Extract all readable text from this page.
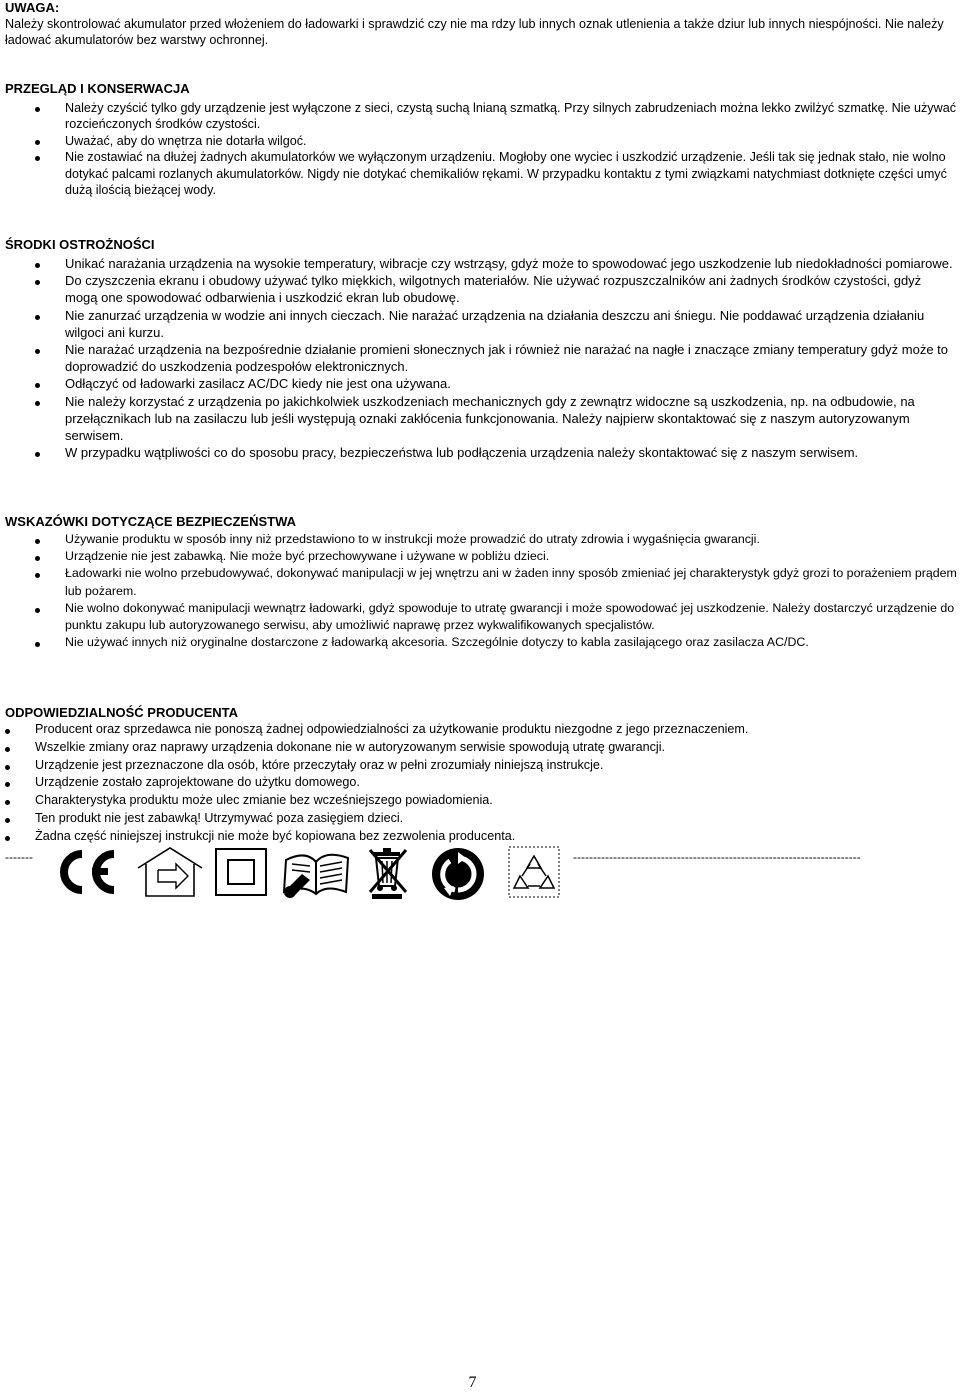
UWAGA:

Należy skontrolować akumulator przed włożeniem do ładowarki i sprawdzić czy nie ma rdzy lub innych oznak utlenienia a także dziur lub innych niespójności. Nie należy ładować akumulatorów bez warstwy ochronnej.

PRZEGLĄD I KONSERWACJA

Należy czyścić tylko gdy urządzenie jest wyłączone z sieci, czystą suchą lnianą szmatką. Przy silnych zabrudzeniach można lekko zwilżyć szmatkę. Nie używać rozcieńczonych środków czystości.
Uważać, aby do wnętrza nie dotarła wilgoć.
Nie zostawiać na dłużej żadnych akumulatorków we wyłączonym urządzeniu. Mogłoby one wyciec i uszkodzić urządzenie. Jeśli tak się jednak stało, nie wolno dotykać palcami rozlanych akumulatorków. Nigdy nie dotykać chemikaliów rękami. W przypadku kontaktu z tymi związkami natychmiast dotknięte części umyć dużą ilością bieżącej wody.

ŚRODKI OSTROŻNOŚCI

Unikać narażania urządzenia na wysokie temperatury, wibracje czy wstrząsy, gdyż może to spowodować jego uszkodzenie lub niedokładności pomiarowe.
Do czyszczenia ekranu i obudowy używać tylko miękkich, wilgotnych materiałów. Nie używać rozpuszczalników ani żadnych środków czystości, gdyż mogą one spowodować odbarwienia i uszkodzić ekran lub obudowę.
Nie zanurzać urządzenia w wodzie ani innych cieczach. Nie narażać urządzenia na działania deszczu ani śniegu. Nie poddawać urządzenia działaniu wilgoci ani kurzu.
Nie narażać urządzenia na bezpośrednie działanie promieni słonecznych jak i również nie narażać na nagłe i znaczące zmiany temperatury gdyż może to doprowadzić do uszkodzenia podzespołów elektronicznych.
Odłączyć od ładowarki zasilacz AC/DC kiedy nie jest ona używana.
Nie należy korzystać z urządzenia po jakichkolwiek uszkodzeniach mechanicznych gdy z zewnątrz widoczne są uszkodzenia, np. na odbudowie, na przełącznikach lub na zasilaczu lub jeśli występują oznaki zakłócenia funkcjonowania. Należy najpierw skontaktować się z naszym autoryzowanym serwisem.
W przypadku wątpliwości co do sposobu pracy, bezpieczeństwa lub podłączenia urządzenia należy skontaktować się z naszym serwisem.

WSKAZÓWKI DOTYCZĄCE BEZPIECZEŃSTWA

Używanie produktu w sposób inny niż przedstawiono to w instrukcji może prowadzić do utraty zdrowia i wygaśnięcia gwarancji.
Urządzenie nie jest zabawką. Nie może być przechowywane i używane w pobliżu dzieci.
Ładowarki nie wolno przebudowywać, dokonywać manipulacji w jej wnętrzu ani w żaden inny sposób zmieniać jej charakterystyk gdyż grozi to porażeniem prądem lub pożarem.
Nie wolno dokonywać manipulacji wewnątrz ładowarki, gdyż spowoduje to utratę gwarancji i może spowodować jej uszkodzenie. Należy dostarczyć urządzenie do punktu zakupu lub autoryzowanego serwisu, aby umożliwić naprawę przez wykwalifikowanych specjalistów.
Nie używać innych niż oryginalne dostarczone z ładowarką akcesoria. Szczególnie dotyczy to kabla zasilającego oraz zasilacza AC/DC.

ODPOWIEDZIALNOŚĆ PRODUCENTA

Producent oraz sprzedawca nie ponoszą żadnej odpowiedzialności za użytkowanie produktu niezgodne z jego przeznaczeniem.
Wszelkie zmiany oraz naprawy urządzenia dokonane nie w autoryzowanym serwisie spowodują utratę gwarancji.
Urządzenie jest przeznaczone dla osób, które przeczytały oraz w pełni zrozumiały niniejszą instrukcje.
Urządzenie zostało zaprojektowane do użytku domowego.
Charakterystyka produktu może ulec zmianie bez wcześniejszego powiadomienia.
Ten produkt nie jest zabawką! Utrzymywać poza zasięgiem dzieci.
Żadna część niniejszej instrukcji nie może być kopiowana bez zezwolenia producenta.
-------	------------------------------------------------------------------------
7
